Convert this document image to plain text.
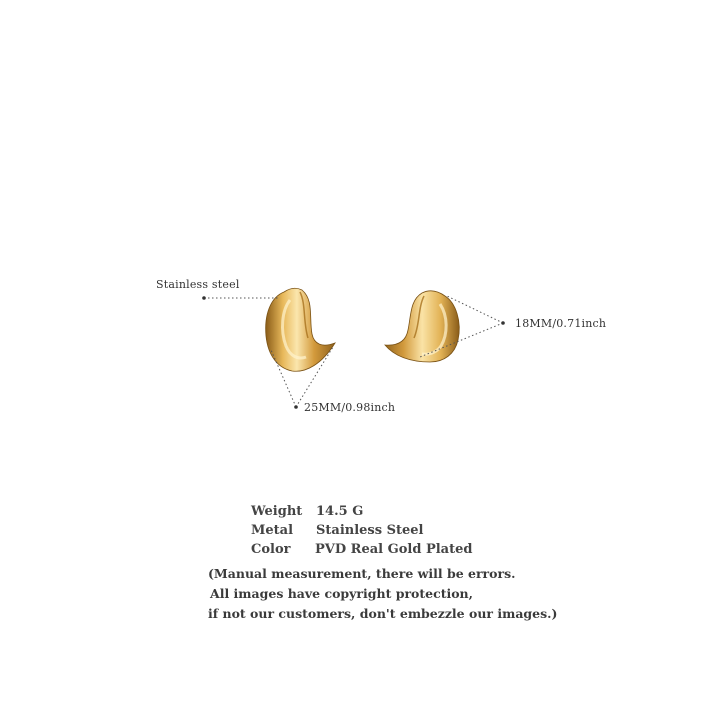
Stainless steel
18MM/0.71inch
25MM/0.98inch
Weight 14.5 G
Metal Stainless Steel
Color PVD Real Gold Plated
(Manual measurement, there will be errors.
All images have copyright protection,
if not our customers, don't embezzle our images.)
